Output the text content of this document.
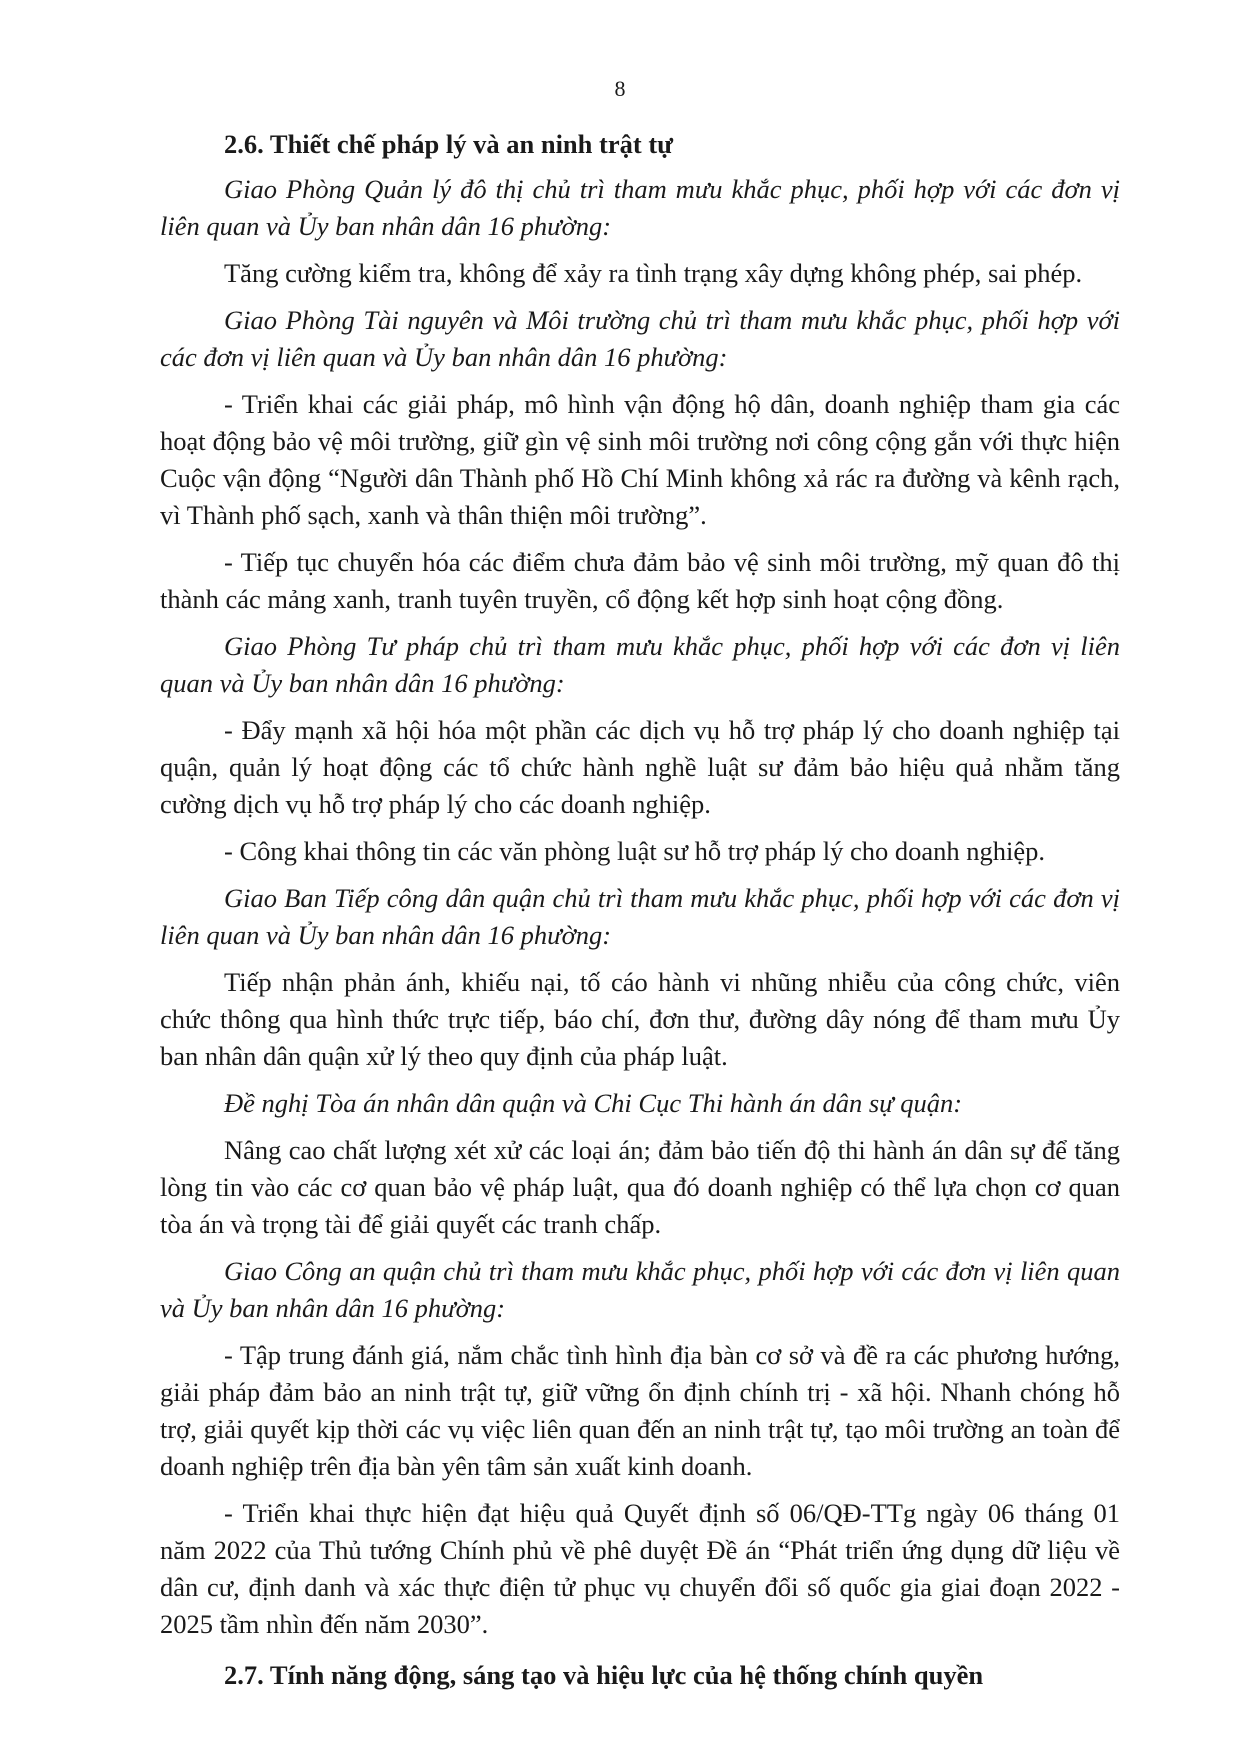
8

2.6. Thiết chế pháp lý và an ninh trật tự

Giao Phòng Quản lý đô thị chủ trì tham mưu khắc phục, phối hợp với các đơn vị liên quan và Ủy ban nhân dân 16 phường:

Tăng cường kiểm tra, không để xảy ra tình trạng xây dựng không phép, sai phép.

Giao Phòng Tài nguyên và Môi trường chủ trì tham mưu khắc phục, phối hợp với các đơn vị liên quan và Ủy ban nhân dân 16 phường:

- Triển khai các giải pháp, mô hình vận động hộ dân, doanh nghiệp tham gia các hoạt động bảo vệ môi trường, giữ gìn vệ sinh môi trường nơi công cộng gắn với thực hiện Cuộc vận động “Người dân Thành phố Hồ Chí Minh không xả rác ra đường và kênh rạch, vì Thành phố sạch, xanh và thân thiện môi trường”.

- Tiếp tục chuyển hóa các điểm chưa đảm bảo vệ sinh môi trường, mỹ quan đô thị thành các mảng xanh, tranh tuyên truyền, cổ động kết hợp sinh hoạt cộng đồng.

Giao Phòng Tư pháp chủ trì tham mưu khắc phục, phối hợp với các đơn vị liên quan và Ủy ban nhân dân 16 phường:

- Đẩy mạnh xã hội hóa một phần các dịch vụ hỗ trợ pháp lý cho doanh nghiệp tại quận, quản lý hoạt động các tổ chức hành nghề luật sư đảm bảo hiệu quả nhằm tăng cường dịch vụ hỗ trợ pháp lý cho các doanh nghiệp.

- Công khai thông tin các văn phòng luật sư hỗ trợ pháp lý cho doanh nghiệp.

Giao Ban Tiếp công dân quận chủ trì tham mưu khắc phục, phối hợp với các đơn vị liên quan và Ủy ban nhân dân 16 phường:

Tiếp nhận phản ánh, khiếu nại, tố cáo hành vi nhũng nhiễu của công chức, viên chức thông qua hình thức trực tiếp, báo chí, đơn thư, đường dây nóng để tham mưu Ủy ban nhân dân quận xử lý theo quy định của pháp luật.

Đề nghị Tòa án nhân dân quận và Chi Cục Thi hành án dân sự quận:

Nâng cao chất lượng xét xử các loại án; đảm bảo tiến độ thi hành án dân sự để tăng lòng tin vào các cơ quan bảo vệ pháp luật, qua đó doanh nghiệp có thể lựa chọn cơ quan tòa án và trọng tài để giải quyết các tranh chấp.

Giao Công an quận chủ trì tham mưu khắc phục, phối hợp với các đơn vị liên quan và Ủy ban nhân dân 16 phường:

- Tập trung đánh giá, nắm chắc tình hình địa bàn cơ sở và đề ra các phương hướng, giải pháp đảm bảo an ninh trật tự, giữ vững ổn định chính trị - xã hội. Nhanh chóng hỗ trợ, giải quyết kịp thời các vụ việc liên quan đến an ninh trật tự, tạo môi trường an toàn để doanh nghiệp trên địa bàn yên tâm sản xuất kinh doanh.

- Triển khai thực hiện đạt hiệu quả Quyết định số 06/QĐ-TTg ngày 06 tháng 01 năm 2022 của Thủ tướng Chính phủ về phê duyệt Đề án “Phát triển ứng dụng dữ liệu về dân cư, định danh và xác thực điện tử phục vụ chuyển đổi số quốc gia giai đoạn 2022 - 2025 tầm nhìn đến năm 2030”.

2.7. Tính năng động, sáng tạo và hiệu lực của hệ thống chính quyền
